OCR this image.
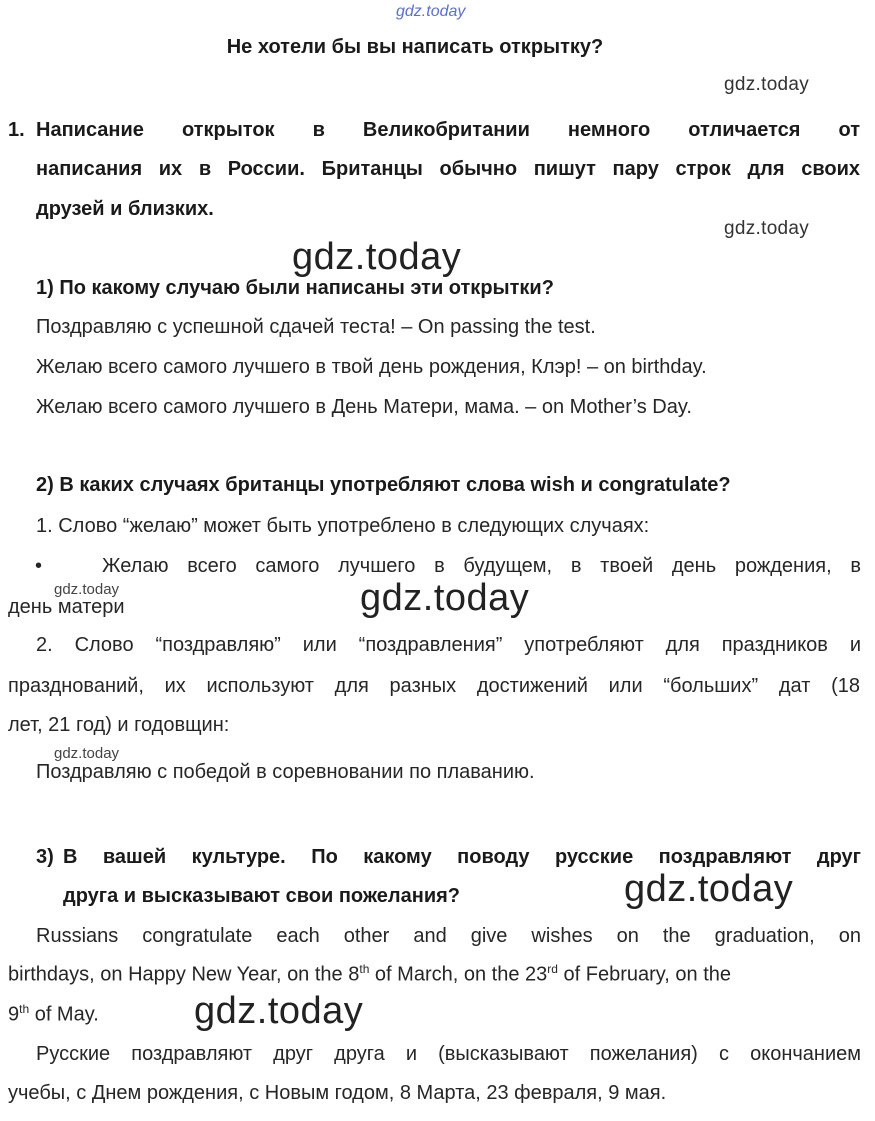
gdz.today
Не хотели бы вы написать открытку?
gdz.today
1. Написание открыток в Великобритании немного отличается от
написания их в России. Британцы обычно пишут пару строк для своих
друзей и близких.
gdz.today
gdz.today
1) По какому случаю были написаны эти открытки?
Поздравляю с успешной сдачей теста! – On passing the test.
Желаю всего самого лучшего в твой день рождения, Клэр! – on birthday.
Желаю всего самого лучшего в День Матери, мама. – on Mother’s Day.
2) В каких случаях британцы употребляют слова wish и congratulate?
1. Слово “желаю” может быть употреблено в следующих случаях:
•	Желаю всего самого лучшего в будущем, в твоей день рождения, в
gdz.today
день матери	gdz.today
2. Слово “поздравляю” или “поздравления” употребляют для праздников и
празднований, их используют для разных достижений или “больших” дат (18
лет, 21 год) и годовщин:
gdz.today
Поздравляю с победой в соревновании по плаванию.
3) В вашей культуре. По какому поводу русские поздравляют друг
друга и высказывают свои пожелания?	gdz.today
Russians congratulate each other and give wishes on the graduation, on
birthdays, on Happy New Year, on the 8th of March, on the 23rd of February, on the
9th of May.	gdz.today
Русские поздравляют друг друга и (высказывают пожелания) с окончанием
учебы, с Днем рождения, с Новым годом, 8 Марта, 23 февраля, 9 мая.
